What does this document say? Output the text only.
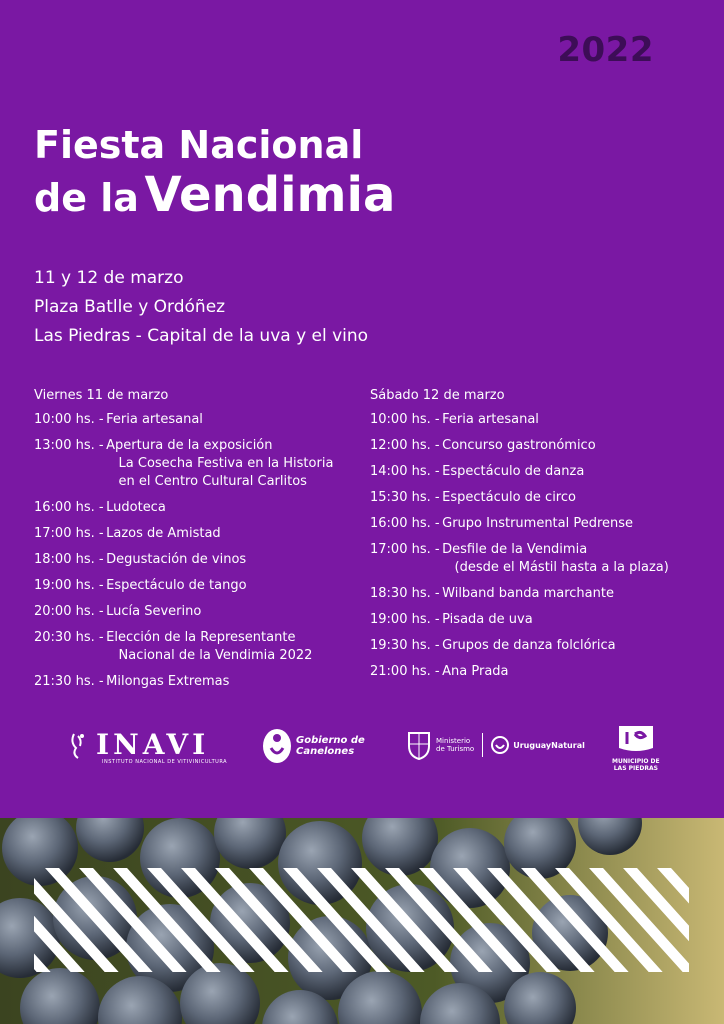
2022
Fiesta Nacional
de la Vendimia
11 y 12 de marzo
Plaza Batlle y Ordóñez
Las Piedras - Capital de la uva y el vino
Viernes 11 de marzo
10:00 hs. -
Feria artesanal
13:00 hs. - Apertura de la exposición
La Cosecha Festiva en la Historia
en el Centro Cultural Carlitos
16:00 hs. -
Ludoteca
17:00 hs. -
Lazos de Amistad
18:00 hs. -
Degustación de vinos
19:00 hs. -
Espectáculo de tango
20:00 hs. -
Lucía Severino
20:30 hs. - Elección de la Representante
Nacional de la Vendimia 2022
21:30 hs. -
Milongas Extremas
Sábado 12 de marzo
10:00 hs. -
Feria artesanal
12:00 hs. -
Concurso gastronómico
14:00 hs. -
Espectáculo de danza
15:30 hs. -
Espectáculo de circo
16:00 hs. -
Grupo Instrumental Pedrense
17:00 hs. - Desfile de la Vendimia
(desde el Mástil hasta a la plaza)
18:30 hs. -
Wilband banda marchante
19:00 hs. -
Pisada de uva
19:30 hs. -
Grupos de danza folclórica
21:00 hs. -
Ana Prada
INAVI
INSTITUTO NACIONAL DE VITIVINICULTURA
Gobierno de
Canelones
Ministerio
de Turismo	UruguayNatural
MUNICIPIO DE
LAS PIEDRAS
